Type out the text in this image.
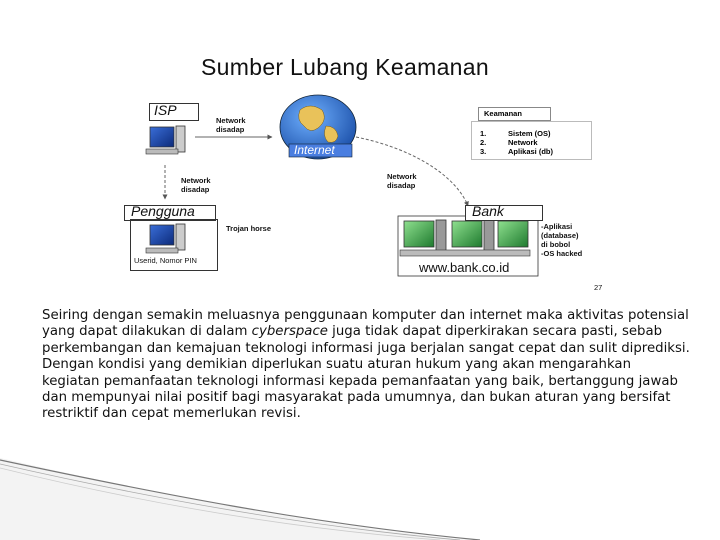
Sumber Lubang Keamanan
ISP
Internet
Pengguna
Userid, Nomor PIN
Bank
www.bank.co.id
Network
disadap
Network
disadap
Network
disadap
Trojan horse
Keamanan
1.	Sistem (OS)
2.	Network
3.	Aplikasi (db)
-Aplikasi
(database)
di bobol
-OS hacked
27

Seiring dengan semakin meluasnya penggunaan komputer dan internet maka aktivitas potensial yang dapat dilakukan di dalam cyberspace juga tidak dapat diperkirakan secara pasti, sebab perkembangan dan kemajuan teknologi informasi juga berjalan sangat cepat dan sulit diprediksi.

Dengan kondisi yang demikian diperlukan suatu aturan hukum yang akan mengarahkan kegiatan pemanfaatan teknologi informasi kepada pemanfaatan yang baik, bertanggung jawab dan mempunyai nilai positif bagi masyarakat pada umumnya, dan bukan aturan yang bersifat restriktif dan cepat memerlukan revisi.
